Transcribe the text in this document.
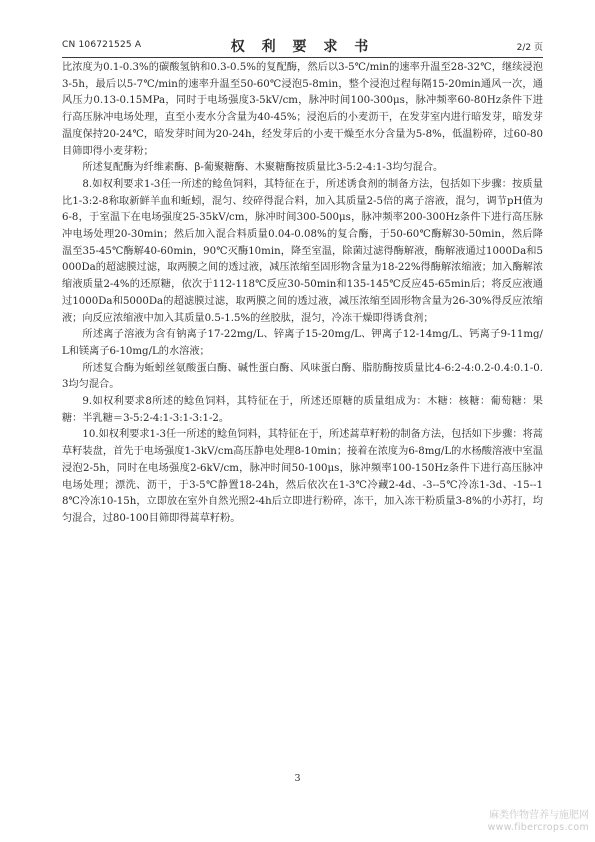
CN 106721525 A	权 利 要 求 书	2/2 页

比浓度为0.1-0.3%的碳酸氢钠和0.3-0.5%的复配酶，然后以3-5℃/min的速率升温至28-32℃，继续浸泡3-5h，最后以5-7℃/min的速率升温至50-60℃浸泡5-8min，整个浸泡过程每隔15-20min通风一次，通风压力0.13-0.15MPa，同时于电场强度3-5kV/cm，脉冲时间100-300μs，脉冲频率60-80Hz条件下进行高压脉冲电场处理，直至小麦水分含量为40-45%；浸泡后的小麦沥干，在发芽室内进行暗发芽，暗发芽温度保持20-24℃，暗发芽时间为20-24h，经发芽后的小麦干燥至水分含量为5-8%，低温粉碎，过60-80目筛即得小麦芽粉；

所述复配酶为纤维素酶、β-葡聚糖酶、木聚糖酶按质量比3-5:2-4:1-3均匀混合。

8.如权利要求1-3任一所述的鲶鱼饲料，其特征在于，所述诱食剂的制备方法，包括如下步骤：按质量比1-3:2-8称取新鲜羊血和蚯蚓，混匀、绞碎得混合料，加入其质量2-5倍的离子溶液，混匀，调节pH值为6-8，于室温下在电场强度25-35kV/cm，脉冲时间300-500μs，脉冲频率200-300Hz条件下进行高压脉冲电场处理20-30min；然后加入混合料质量0.04-0.08%的复合酶，于50-60℃酶解30-50min，然后降温至35-45℃酶解40-60min，90℃灭酶10min，降至室温，除菌过滤得酶解液，酶解液通过1000Da和5000Da的超滤膜过滤，取两膜之间的透过液，减压浓缩至固形物含量为18-22%得酶解浓缩液；加入酶解浓缩液质量2-4%的还原糖，依次于112-118℃反应30-50min和135-145℃反应45-65min后；将反应液通过1000Da和5000Da的超滤膜过滤，取两膜之间的透过液，减压浓缩至固形物含量为26-30%得反应浓缩液；向反应浓缩液中加入其质量0.5-1.5%的丝胶肽，混匀，冷冻干燥即得诱食剂；

所述离子溶液为含有钠离子17-22mg/L、锌离子15-20mg/L、钾离子12-14mg/L、钙离子9-11mg/L和镁离子6-10mg/L的水溶液；

所述复合酶为蚯蚓丝氨酸蛋白酶、碱性蛋白酶、风味蛋白酶、脂肪酶按质量比4-6:2-4:0.2-0.4:0.1-0.3均匀混合。

9.如权利要求8所述的鲶鱼饲料，其特征在于，所述还原糖的质量组成为：木糖：核糖：葡萄糖：果糖：半乳糖＝3-5:2-4:1-3:1-3:1-2。

10.如权利要求1-3任一所述的鲶鱼饲料，其特征在于，所述蒿草籽粉的制备方法，包括如下步骤：将蒿草籽装盘，首先于电场强度1-3kV/cm高压静电处理8-10min；接着在浓度为6-8mg/L的水杨酸溶液中室温浸泡2-5h，同时在电场强度2-6kV/cm，脉冲时间50-100μs，脉冲频率100-150Hz条件下进行高压脉冲电场处理；漂洗、沥干，于3-5℃静置18-24h，然后依次在1-3℃冷藏2-4d、-3--5℃冷冻1-3d、-15--18℃冷冻10-15h，立即放在室外自然光照2-4h后立即进行粉碎，冻干，加入冻干粉质量3-8%的小苏打，均匀混合，过80-100目筛即得蒿草籽粉。

3
麻类作物营养与施肥网
www.fibercrops.com
